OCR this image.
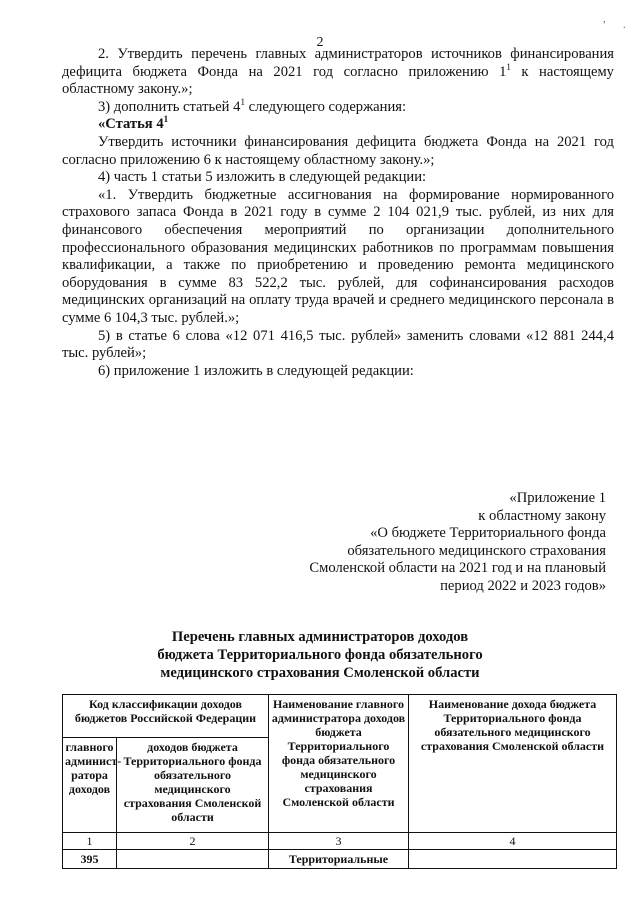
,
.
2

2. Утвердить перечень главных администраторов источников финансирования дефицита бюджета Фонда на 2021 год согласно приложению $1^1$ к настоящему областному закону.»;

3) дополнить статьей $4^1$ следующего содержания:

«Статья $4^1$

Утвердить источники финансирования дефицита бюджета Фонда на 2021 год согласно приложению 6 к настоящему областному закону.»;

4) часть 1 статьи 5 изложить в следующей редакции:

«1. Утвердить бюджетные ассигнования на формирование нормированного страхового запаса Фонда в 2021 году в сумме 2 104 021,9 тыс. рублей, из них для финансового обеспечения мероприятий по организации дополнительного профессионального образования медицинских работников по программам повышения квалификации, а также по приобретению и проведению ремонта медицинского оборудования в сумме 83 522,2 тыс. рублей, для софинансирования расходов медицинских организаций на оплату труда врачей и среднего медицинского персонала в сумме 6 104,3 тыс. рублей.»;

5) в статье 6 слова «12 071 416,5 тыс. рублей» заменить словами «12 881 244,4 тыс. рублей»;

6) приложение 1 изложить в следующей редакции:

«Приложение 1
к областному закону
«О бюджете Территориального фонда
обязательного медицинского страхования
Смоленской области на 2021 год и на плановый
период 2022 и 2023 годов»
Перечень главных администраторов доходов
бюджета Территориального фонда обязательного
медицинского страхования Смоленской области
Код классификации доходов бюджетов Российской Федерации		Наименование главного администратора доходов бюджета Территориального фонда обязательного медицинского страхования Смоленской области	Наименование дохода бюджета Территориального фонда обязательного медицинского страхования Смоленской области
главного админист-ратора доходов	доходов бюджета Территориального фонда обязательного медицинского страхования Смоленской области		
1	2	3	4
395		Территориальные	
